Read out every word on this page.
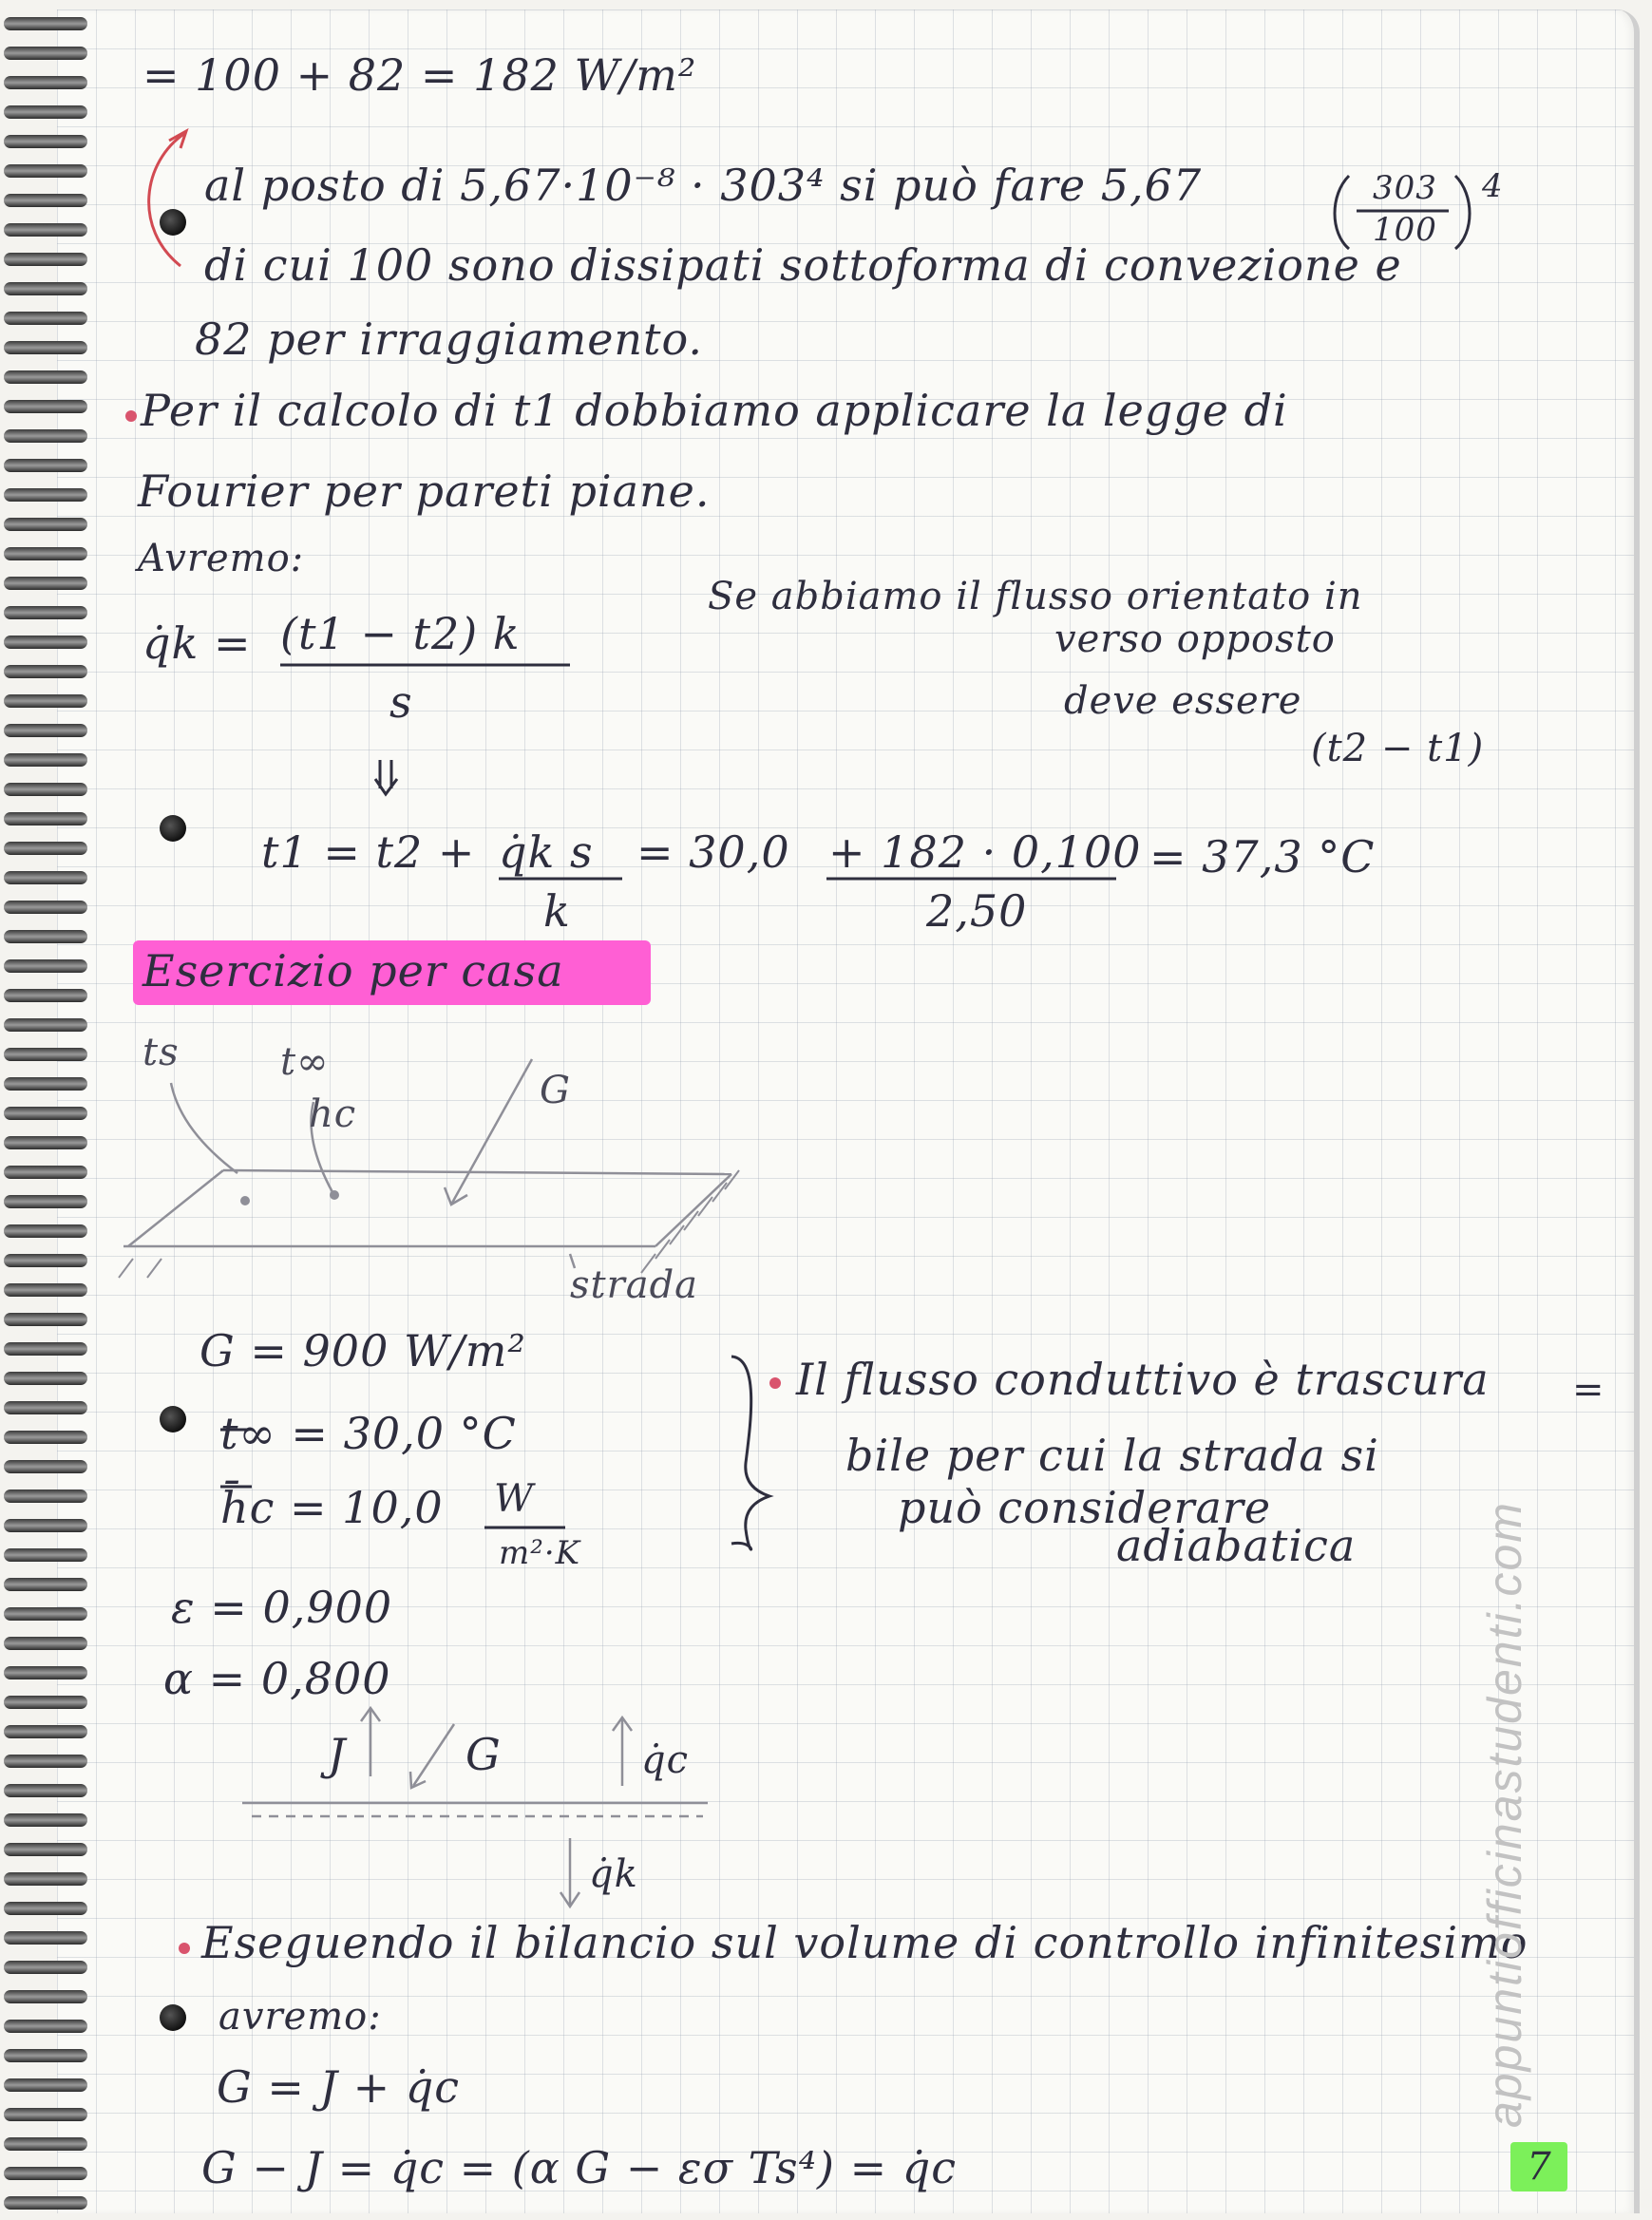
= 100 + 82 = 182 W/m²
al posto di 5,67·10⁻⁸ · 303⁴ si può fare 5,67	303
100
4
di cui 100 sono dissipati sottoforma di convezione e
82 per irraggiamento.
Per il calcolo di t1 dobbiamo applicare la legge di
Fourier per pareti piane.
Avremo:
q̇k = (t1 − t2) k
s
Se abbiamo il flusso orientato in
verso opposto
deve essere
(t2 − t1)
t1 = t2 + q̇k s
k
= 30,0 + 182 · 0,100
2,50
= 37,3 °C
Esercizio per casa
ts	t∞
hc
G
strada
G = 900 W/m²
t∞ = 30,0 °C
h̄c = 10,0 W
m²·K
ε = 0,900
α = 0,800
Il flusso conduttivo è trascura =
bile per cui la strada si
può considerare
adiabatica
J	G	q̇c
q̇k
Eseguendo il bilancio sul volume di controllo infinitesimo
avremo:
G = J + q̇c
G − J = q̇c = (α G − εσ Ts⁴) = q̇c
appuntiofficinastudenti.com
7
